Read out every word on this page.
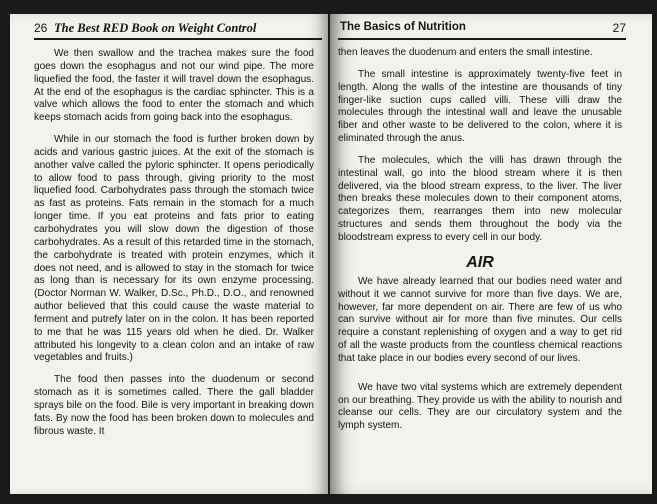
26 The Best RED Book on Weight Control

We then swallow and the trachea makes sure the food goes down the esophagus and not our wind pipe. The more liquefied the food, the faster it will travel down the esophagus. At the end of the esophagus is the cardiac sphincter. This is a valve which allows the food to enter the stomach and which keeps stomach acids from going back into the esophagus.

While in our stomach the food is further broken down by acids and various gastric juices. At the exit of the stomach is another valve called the pyloric sphincter. It opens periodically to allow food to pass through, giving priority to the most liquefied food. Carbohydrates pass through the stomach twice as fast as proteins. Fats remain in the stomach for a much longer time. If you eat proteins and fats prior to eating carbohydrates you will slow down the digestion of those carbohydrates. As a result of this retarded time in the stomach, the carbohydrate is treated with protein enzymes, which it does not need, and is allowed to stay in the stomach for twice as long than is necessary for its own enzyme processing. (Doctor Norman W. Walker, D.Sc., Ph.D., D.O., and renowned author believed that this could cause the waste material to ferment and putrefy later on in the colon. It has been reported to me that he was 115 years old when he died. Dr. Walker attributed his longevity to a clean colon and an intake of raw vegetables and fruits.)

The food then passes into the duodenum or second stomach as it is sometimes called. There the gall bladder sprays bile on the food. Bile is very important in breaking down fats. By now the food has been broken down to molecules and fibrous waste. It

The Basics of Nutrition	27

then leaves the duodenum and enters the small intestine.

The small intestine is approximately twenty-five feet in length. Along the walls of the intestine are thousands of tiny finger-like suction cups called villi. These villi draw the molecules through the intestinal wall and leave the unusable fiber and other waste to be delivered to the colon, where it is eliminated through the anus.

The molecules, which the villi has drawn through the intestinal wall, go into the blood stream where it is then delivered, via the blood stream express, to the liver. The liver then breaks these molecules down to their component atoms, categorizes them, rearranges them into new molecular structures and sends them throughout the body via the bloodstream express to every cell in our body.

AIR

We have already learned that our bodies need water and without it we cannot survive for more than five days. We are, however, far more dependent on air. There are few of us who can survive without air for more than five minutes. Our cells require a constant replenishing of oxygen and a way to get rid of all the waste products from the countless chemical reactions that take place in our bodies every second of our lives.

We have two vital systems which are extremely dependent on our breathing. They provide us with the ability to nourish and cleanse our cells. They are our circulatory system and the lymph system.
